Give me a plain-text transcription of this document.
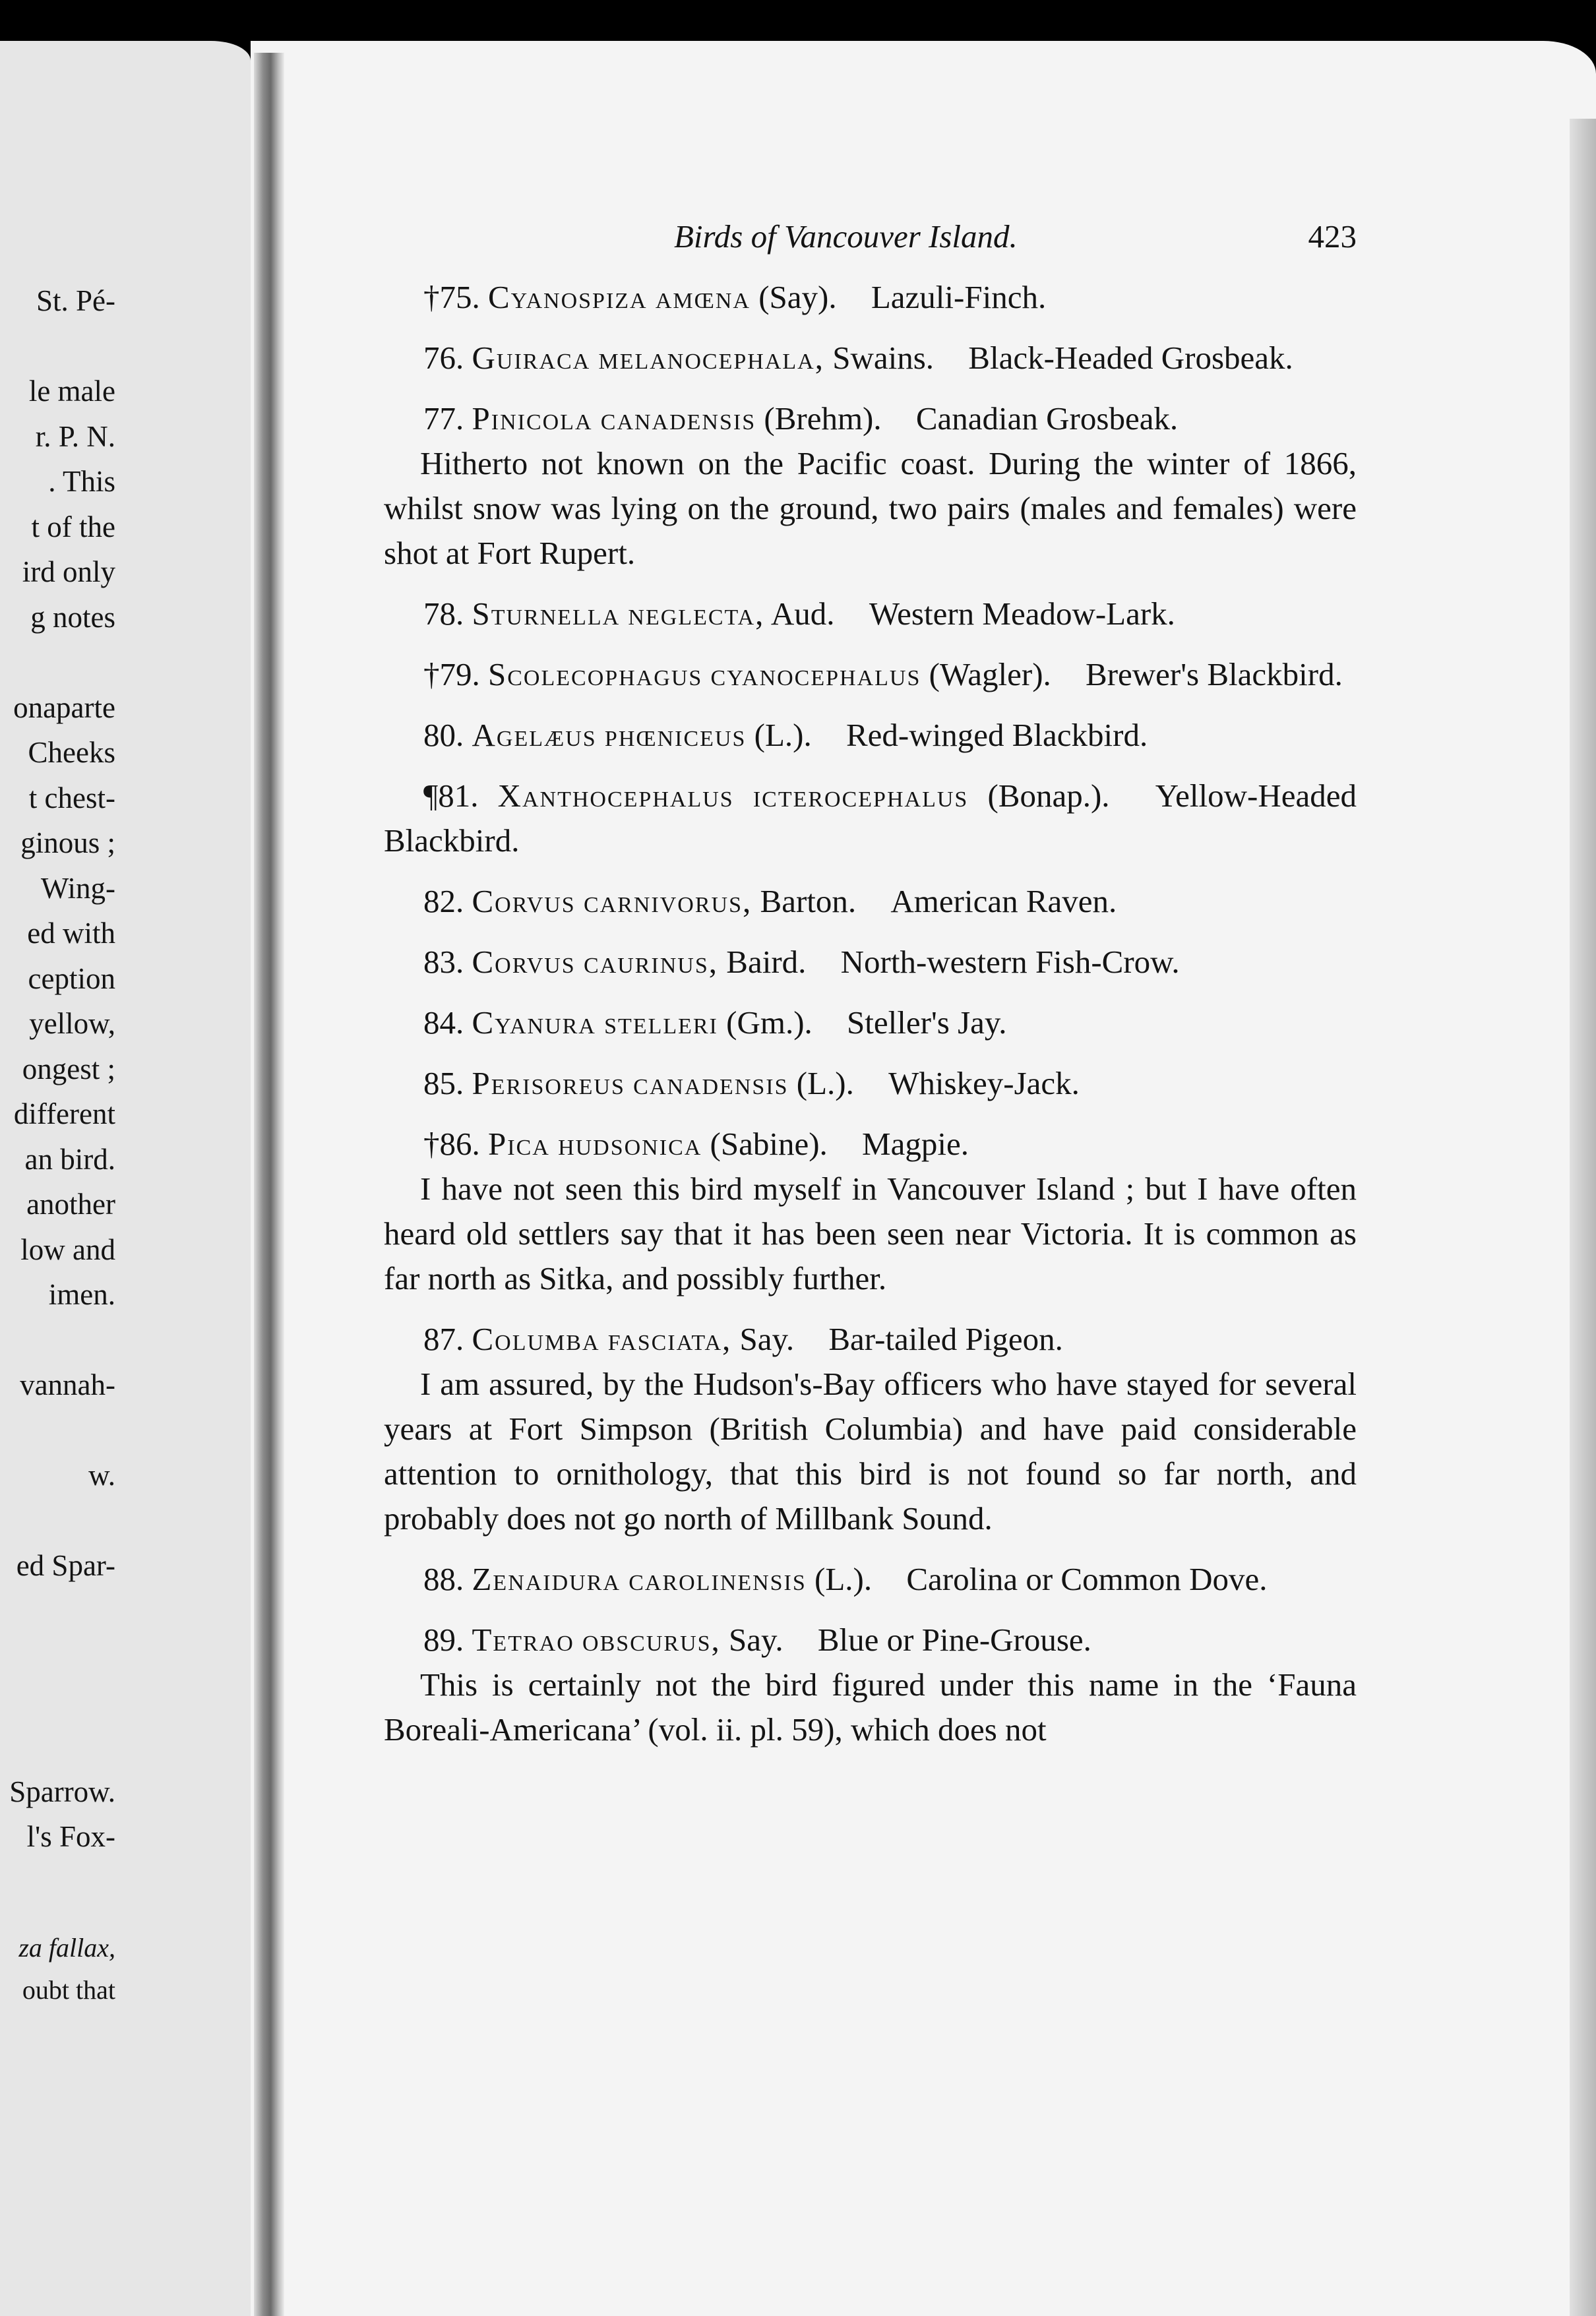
St. Pé-

le male
r. P. N.
. This
t of the
ird only
g notes

onaparte
Cheeks
t chest-
ginous ;
Wing-
ed with
ception
yellow,
ongest ;
different
an bird.
another
low and
imen.

vannah-

w.

ed Spar-

Sparrow.
l's Fox-
za fallax,
oubt that
Birds of Vancouver Island.	423

†75. Cyanospiza amœna (Say). Lazuli-Finch.

76. Guiraca melanocephala, Swains. Black-Headed Grosbeak.

77. Pinicola canadensis (Brehm). Canadian Grosbeak.

Hitherto not known on the Pacific coast. During the winter of 1866, whilst snow was lying on the ground, two pairs (males and females) were shot at Fort Rupert.

78. Sturnella neglecta, Aud. Western Meadow-Lark.

†79. Scolecophagus cyanocephalus (Wagler). Brewer's Blackbird.

80. Agelæus phœniceus (L.). Red-winged Blackbird.

¶81. Xanthocephalus icterocephalus (Bonap.). Yellow-Headed Blackbird.

82. Corvus carnivorus, Barton. American Raven.

83. Corvus caurinus, Baird. North-western Fish-Crow.

84. Cyanura stelleri (Gm.). Steller's Jay.

85. Perisoreus canadensis (L.). Whiskey-Jack.

†86. Pica hudsonica (Sabine). Magpie.

I have not seen this bird myself in Vancouver Island ; but I have often heard old settlers say that it has been seen near Victoria. It is common as far north as Sitka, and possibly further.

87. Columba fasciata, Say. Bar-tailed Pigeon.

I am assured, by the Hudson's-Bay officers who have stayed for several years at Fort Simpson (British Columbia) and have paid considerable attention to ornithology, that this bird is not found so far north, and probably does not go north of Millbank Sound.

88. Zenaidura carolinensis (L.). Carolina or Common Dove.

89. Tetrao obscurus, Say. Blue or Pine-Grouse.

This is certainly not the bird figured under this name in the ‘Fauna Boreali-Americana’ (vol. ii. pl. 59), which does not
